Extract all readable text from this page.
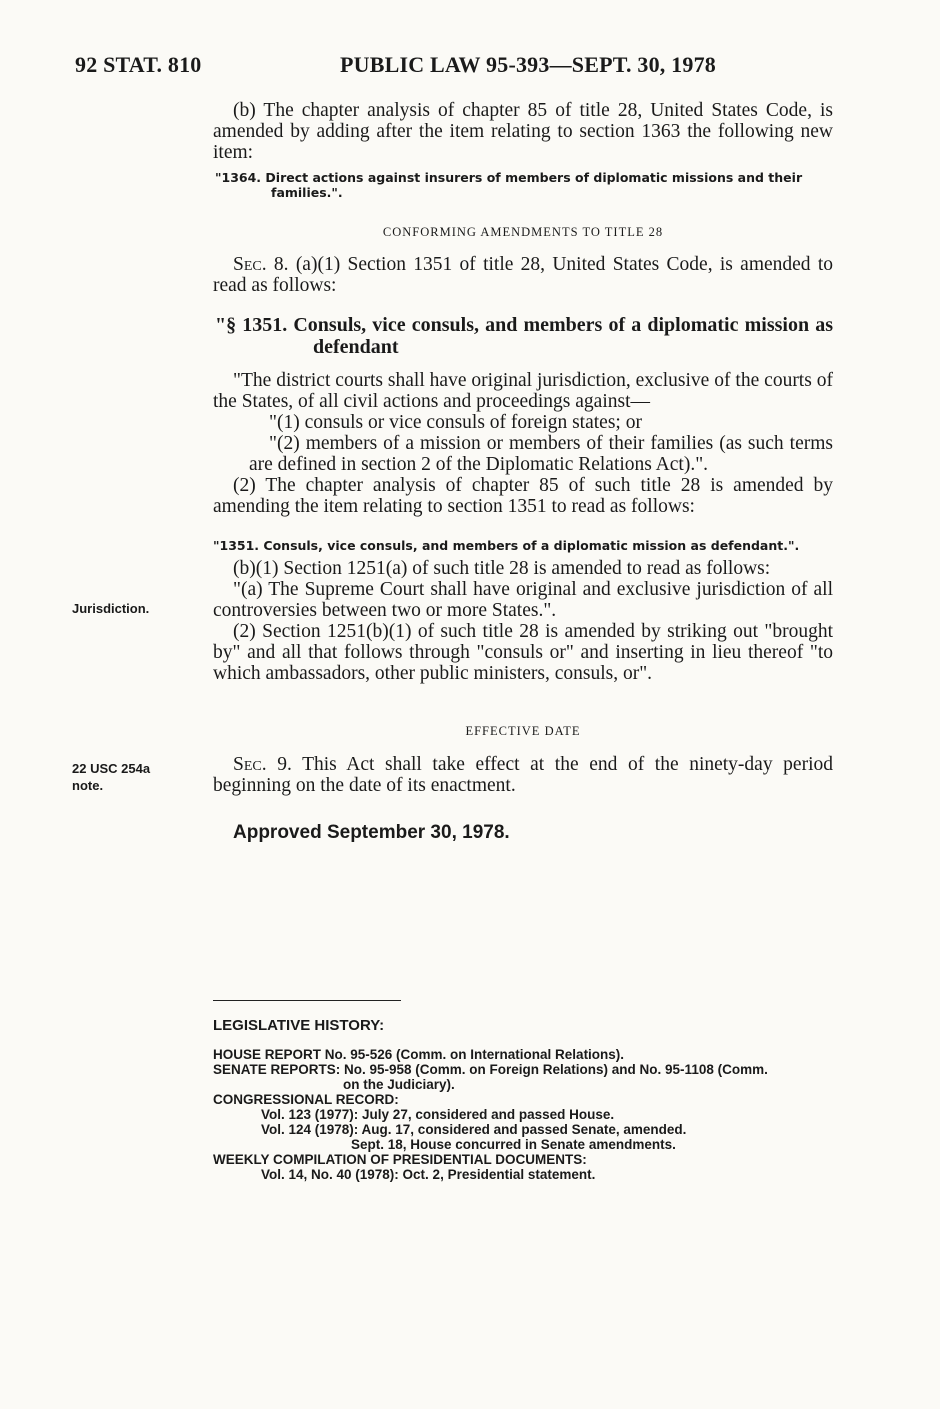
92 STAT. 810	PUBLIC LAW 95-393—SEPT. 30, 1978

(b) The chapter analysis of chapter 85 of title 28, United States Code, is amended by adding after the item relating to section 1363 the following new item:

"1364. Direct actions against insurers of members of diplomatic missions and their families.".

CONFORMING AMENDMENTS TO TITLE 28

Sec. 8. (a)(1) Section 1351 of title 28, United States Code, is amended to read as follows:

"§ 1351. Consuls, vice consuls, and members of a diplomatic mission as defendant

"The district courts shall have original jurisdiction, exclusive of the courts of the States, of all civil actions and proceedings against—

"(1) consuls or vice consuls of foreign states; or

"(2) members of a mission or members of their families (as such terms are defined in section 2 of the Diplomatic Relations Act).".

(2) The chapter analysis of chapter 85 of such title 28 is amended by amending the item relating to section 1351 to read as follows:

"1351. Consuls, vice consuls, and members of a diplomatic mission as defendant.".

(b)(1) Section 1251(a) of such title 28 is amended to read as follows:

"(a) The Supreme Court shall have original and exclusive jurisdiction of all controversies between two or more States.".

(2) Section 1251(b)(1) of such title 28 is amended by striking out "brought by" and all that follows through "consuls or" and inserting in lieu thereof "to which ambassadors, other public ministers, consuls, or".

Jurisdiction.

EFFECTIVE DATE

22 USC 254a
note.

Sec. 9. This Act shall take effect at the end of the ninety-day period beginning on the date of its enactment.

Approved September 30, 1978.

LEGISLATIVE HISTORY:

HOUSE REPORT No. 95-526 (Comm. on International Relations).

SENATE REPORTS: No. 95-958 (Comm. on Foreign Relations) and No. 95-1108 (Comm.

on the Judiciary).

CONGRESSIONAL RECORD:

Vol. 123 (1977): July 27, considered and passed House.

Vol. 124 (1978): Aug. 17, considered and passed Senate, amended.

Sept. 18, House concurred in Senate amendments.

WEEKLY COMPILATION OF PRESIDENTIAL DOCUMENTS:

Vol. 14, No. 40 (1978): Oct. 2, Presidential statement.
